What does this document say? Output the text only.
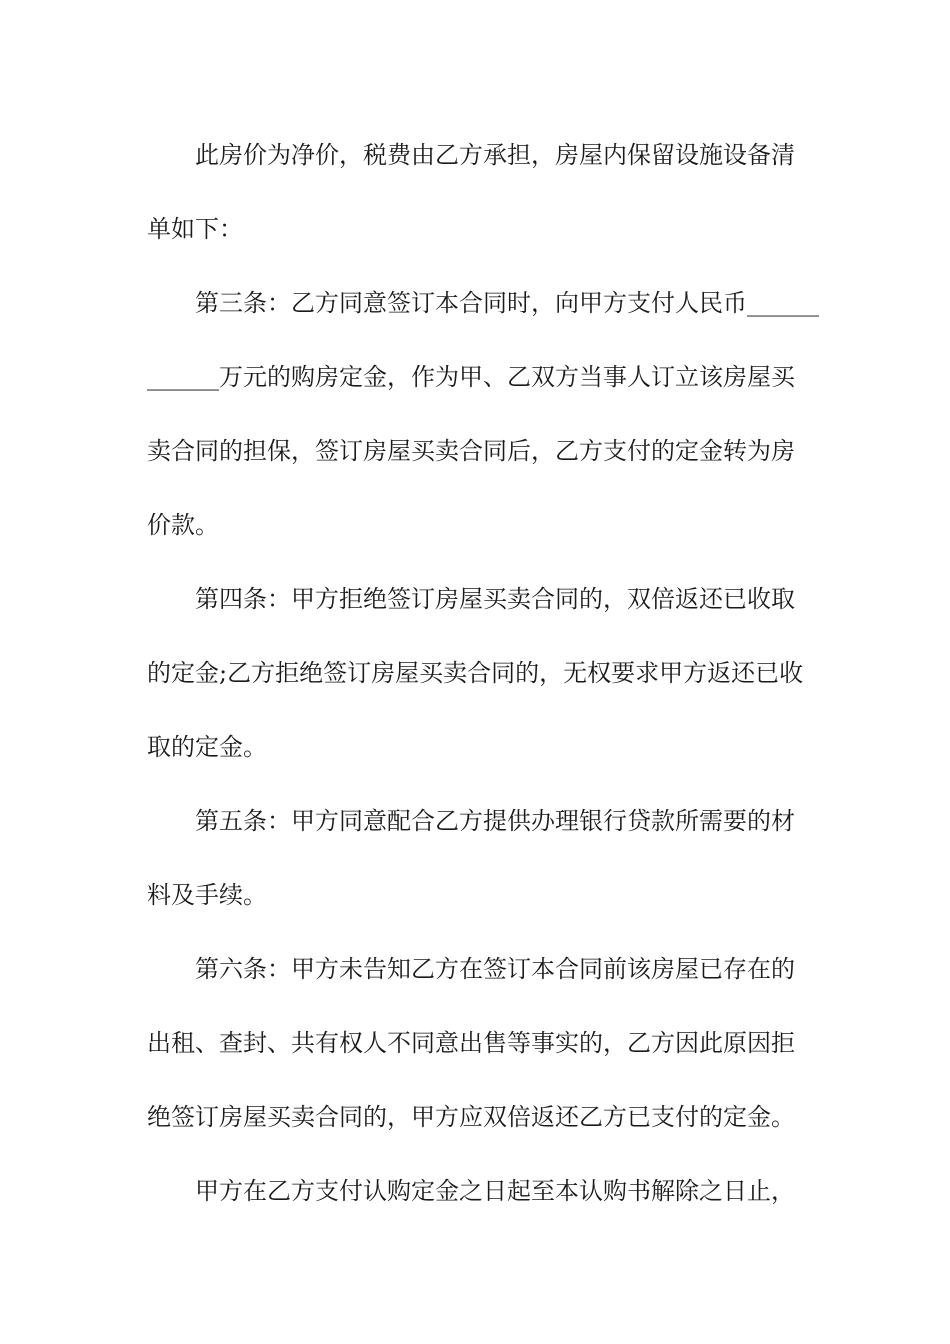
此房价为净价，税费由乙方承担，房屋内保留设施设备清
单如下：
第三条：乙方同意签订本合同时，向甲方支付人民币______
______万元的购房定金，作为甲、乙双方当事人订立该房屋买
卖合同的担保，签订房屋买卖合同后，乙方支付的定金转为房
价款。
第四条：甲方拒绝签订房屋买卖合同的，双倍返还已收取
的定金;乙方拒绝签订房屋买卖合同的，无权要求甲方返还已收
取的定金。
第五条：甲方同意配合乙方提供办理银行贷款所需要的材
料及手续。
第六条：甲方未告知乙方在签订本合同前该房屋已存在的
出租、查封、共有权人不同意出售等事实的，乙方因此原因拒
绝签订房屋买卖合同的，甲方应双倍返还乙方已支付的定金。
甲方在乙方支付认购定金之日起至本认购书解除之日止，
